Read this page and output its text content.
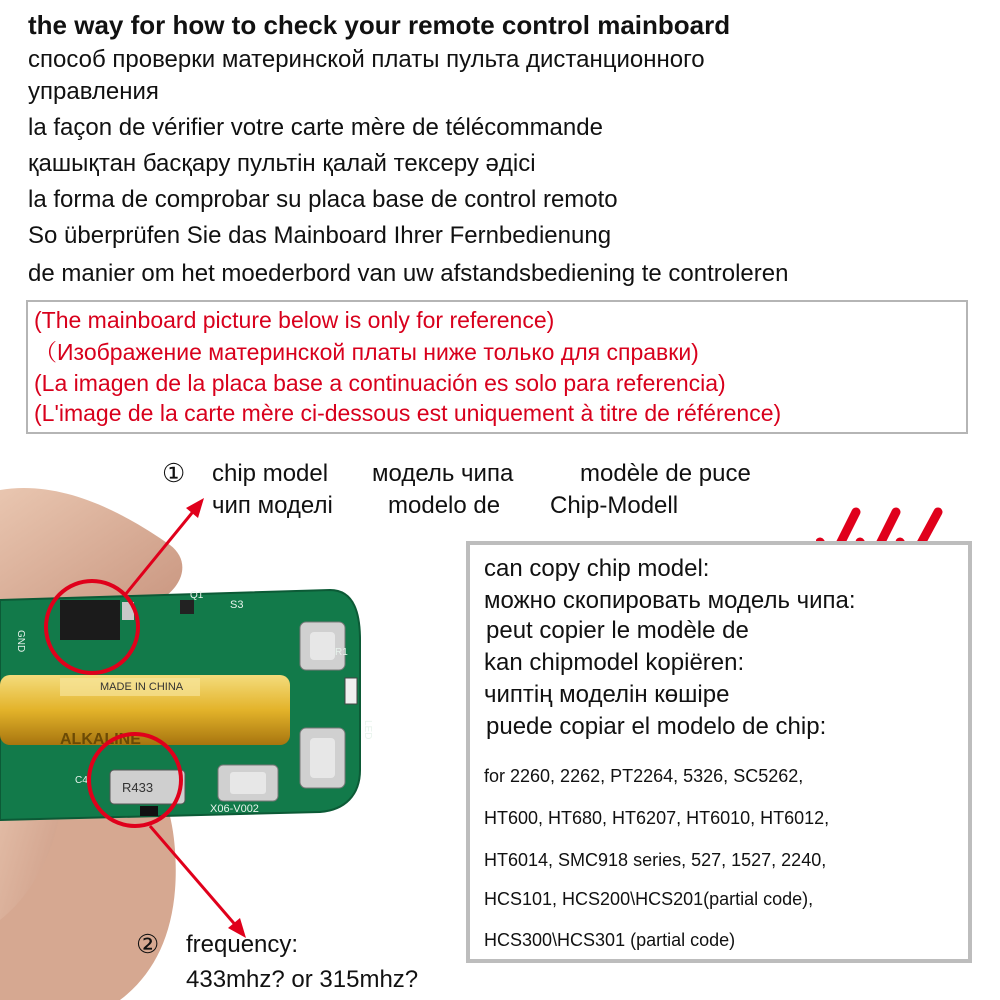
the way for how to check your remote control mainboard
способ проверки материнской платы пульта дистанционного
управления
la façon de vérifier votre carte mère de télécommande
қашықтан басқару пультін қалай тексеру әдісі
la forma de comprobar su placa base de control remoto
So überprüfen Sie das Mainboard Ihrer Fernbedienung
de manier om het moederbord van uw afstandsbediening te controleren
(The mainboard picture below is only for reference)
（Изображение материнской платы ниже только для справки)
(La imagen de la placa base a continuación es solo para referencia)
(L'image de la carte mère ci-dessous est uniquement à titre de référence)
MADE IN CHINA
ALKALINE
R433
S3
R1
Q1
C4
GND
LED
X06-V002
① chip model модель чипа	modèle de puce
чип моделі modelo de Chip-Modell
② frequency:
433mhz? or 315mhz?
can copy chip model:
можно скопировать модель чипа:
peut copier le modèle de
kan chipmodel kopiëren:
чиптің моделін көшіре
puede copiar el modelo de chip:
for 2260, 2262, PT2264, 5326, SC5262,
HT600, HT680, HT6207, HT6010, HT6012,
HT6014, SMC918 series, 527, 1527, 2240,
HCS101, HCS200\HCS201(partial code),
HCS300\HCS301 (partial code)
